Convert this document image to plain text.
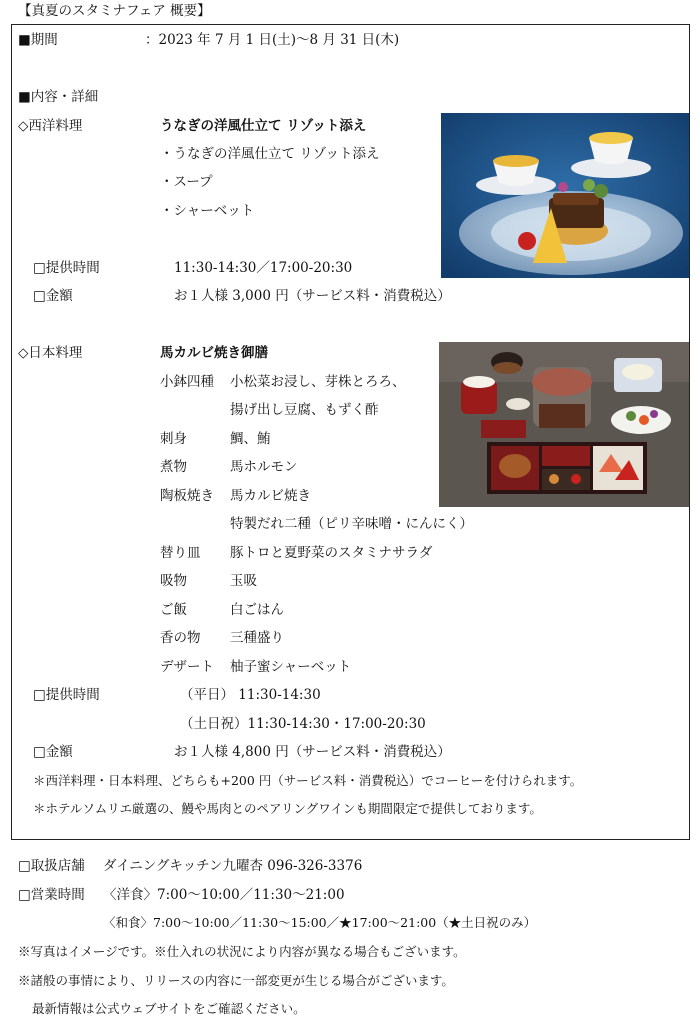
【真夏のスタミナフェア 概要】
■期間	：2023 年 7 月 1 日(土)～8 月 31 日(木)
■内容・詳細
◇西洋料理	うなぎの洋風仕立て リゾット添え
・うなぎの洋風仕立て リゾット添え
・スープ
・シャーベット
□提供時間	11:30-14:30／17:00-20:30
□金額	お１人様 3,000 円（サービス料・消費税込）
◇日本料理	馬カルビ焼き御膳
小鉢四種 小松菜お浸し、芽株とろろ、
揚げ出し豆腐、もずく酢
刺身	鯛、鮪
煮物	馬ホルモン
陶板焼き 馬カルビ焼き
特製だれ二種（ピリ辛味噌・にんにく）
替り皿 豚トロと夏野菜のスタミナサラダ
吸物	玉吸
ご飯	白ごはん
香の物 三種盛り
デザート 柚子蜜シャーベット
□提供時間	（平日） 11:30-14:30
（土日祝）11:30-14:30・17:00-20:30
□金額	お１人様 4,800 円（サービス料・消費税込）
＊西洋料理・日本料理、どちらも+200 円（サービス料・消費税込）でコーヒーを付けられます。
＊ホテルソムリエ厳選の、鰻や馬肉とのペアリングワインも期間限定で提供しております。
□取扱店舗 ダイニングキッチン九曜杏 096-326-3376
□営業時間 〈洋食〉7:00～10:00／11:30～21:00
〈和食〉7:00～10:00／11:30～15:00／★17:00～21:00（★土日祝のみ）
※写真はイメージです。※仕入れの状況により内容が異なる場合もございます。
※諸般の事情により、リリースの内容に一部変更が生じる場合がございます。
最新情報は公式ウェブサイトをご確認ください。
